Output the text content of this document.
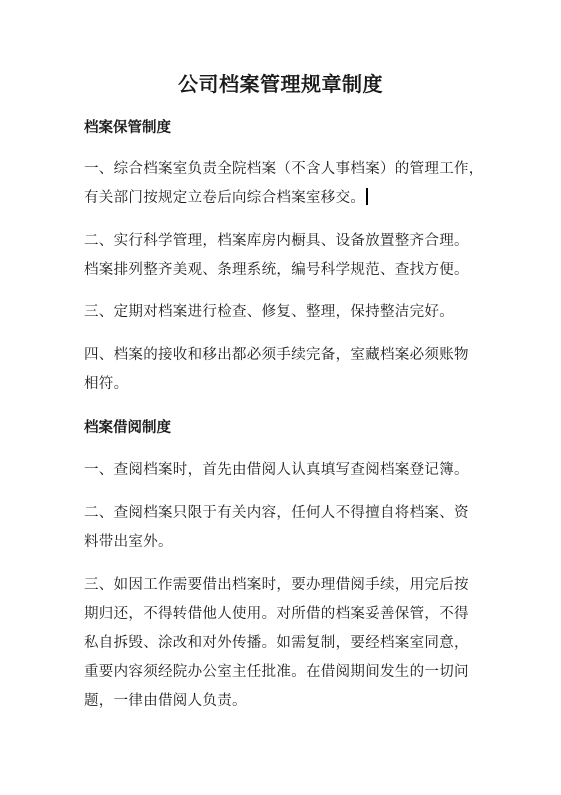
公司档案管理规章制度
档案保管制度
一、综合档案室负责全院档案（不含人事档案）的管理工作，
有关部门按规定立卷后向综合档案室移交。
二、实行科学管理，档案库房内橱具、设备放置整齐合理。
档案排列整齐美观、条理系统，编号科学规范、查找方便。
三、定期对档案进行检查、修复、整理，保持整洁完好。
四、档案的接收和移出都必须手续完备，室藏档案必须账物
相符。
档案借阅制度
一、查阅档案时，首先由借阅人认真填写查阅档案登记簿。
二、查阅档案只限于有关内容，任何人不得擅自将档案、资
料带出室外。
三、如因工作需要借出档案时，要办理借阅手续，用完后按
期归还，不得转借他人使用。对所借的档案妥善保管，不得
私自拆毁、涂改和对外传播。如需复制，要经档案室同意，
重要内容须经院办公室主任批准。在借阅期间发生的一切问
题，一律由借阅人负责。
